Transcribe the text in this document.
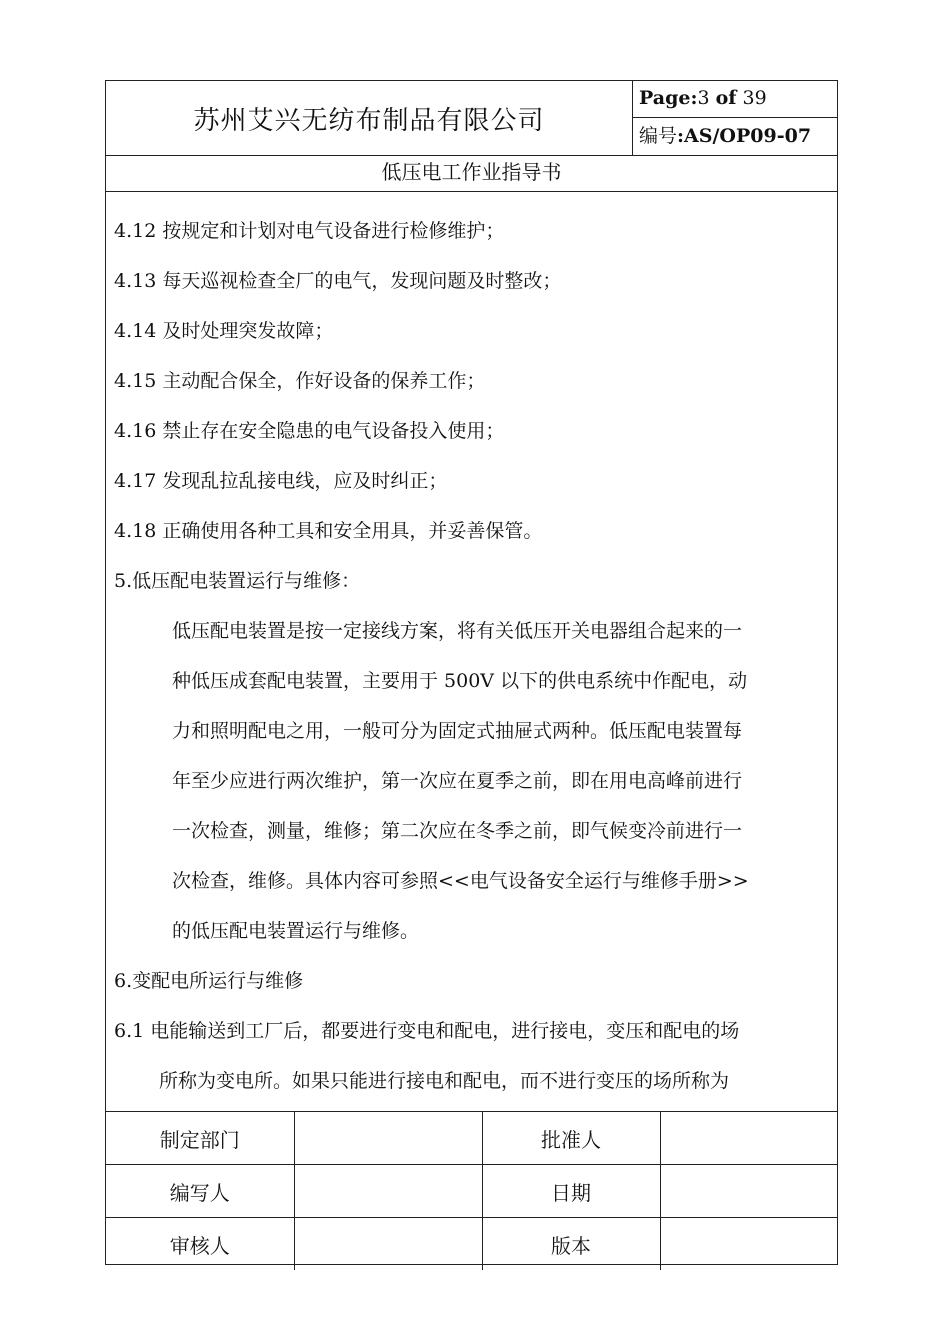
苏州艾兴无纺布制品有限公司
Page:3 of 39
编号:AS/OP09-07
低压电工作业指导书
4.12 按规定和计划对电气设备进行检修维护；
4.13 每天巡视检查全厂的电气，发现问题及时整改；
4.14 及时处理突发故障；
4.15 主动配合保全，作好设备的保养工作；
4.16 禁止存在安全隐患的电气设备投入使用；
4.17 发现乱拉乱接电线，应及时纠正；
4.18 正确使用各种工具和安全用具，并妥善保管。
5.低压配电装置运行与维修：
低压配电装置是按一定接线方案，将有关低压开关电器组合起来的一
种低压成套配电装置，主要用于 500V 以下的供电系统中作配电，动
力和照明配电之用，一般可分为固定式抽屉式两种。低压配电装置每
年至少应进行两次维护，第一次应在夏季之前，即在用电高峰前进行
一次检查，测量，维修；第二次应在冬季之前，即气候变冷前进行一
次检查，维修。具体内容可参照<<电气设备安全运行与维修手册>>
的低压配电装置运行与维修。
6.变配电所运行与维修
6.1 电能输送到工厂后，都要进行变电和配电，进行接电，变压和配电的场
所称为变电所。如果只能进行接电和配电，而不进行变压的场所称为
制定部门		批准人	
编写人		日期	
审核人		版本	
